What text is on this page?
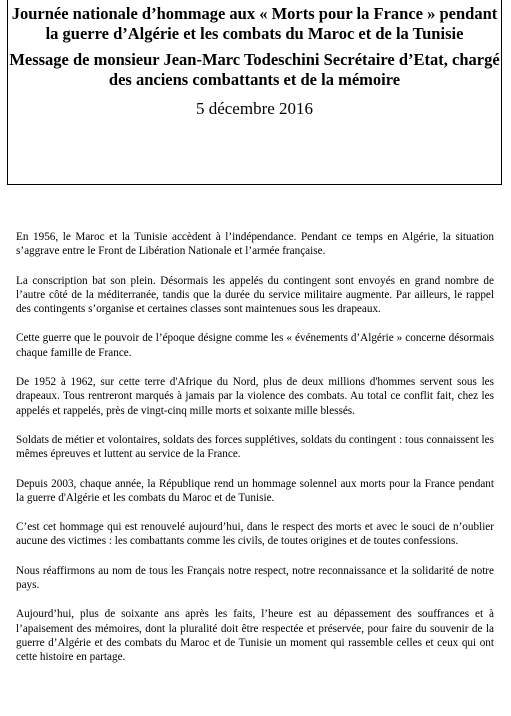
Journée nationale d’hommage aux « Morts pour la France » pendant la guerre d’Algérie et les combats du Maroc et de la Tunisie

Message de monsieur Jean-Marc Todeschini Secrétaire d’Etat, chargé des anciens combattants et de la mémoire

5 décembre 2016

En 1956, le Maroc et la Tunisie accèdent à l’indépendance. Pendant ce temps en Algérie, la situation s’aggrave entre le Front de Libération Nationale et l’armée française.

La conscription bat son plein. Désormais les appelés du contingent sont envoyés en grand nombre de l’autre côté de la méditerranée, tandis que la durée du service militaire augmente. Par ailleurs, le rappel des contingents s’organise et certaines classes sont maintenues sous les drapeaux.

Cette guerre que le pouvoir de l’époque désigne comme les « événements d’Algérie » concerne désormais chaque famille de France.

De 1952 à 1962, sur cette terre d'Afrique du Nord, plus de deux millions d'hommes servent sous les drapeaux. Tous rentreront marqués à jamais par la violence des combats. Au total ce conflit fait, chez les appelés et rappelés, près de vingt-cinq mille morts et soixante mille blessés.

Soldats de métier et volontaires, soldats des forces supplétives, soldats du contingent : tous connaissent les mêmes épreuves et luttent au service de la France.

Depuis 2003, chaque année, la République rend un hommage solennel aux morts pour la France pendant la guerre d'Algérie et les combats du Maroc et de Tunisie.

C’est cet hommage qui est renouvelé aujourd’hui, dans le respect des morts et avec le souci de n’oublier aucune des victimes : les combattants comme les civils, de toutes origines et de toutes confessions.

Nous réaffirmons au nom de tous les Français notre respect, notre reconnaissance et la solidarité de notre pays.

Aujourd’hui, plus de soixante ans après les faits, l’heure est au dépassement des souffrances et à l’apaisement des mémoires, dont la pluralité doit être respectée et préservée, pour faire du souvenir de la guerre d’Algérie et des combats du Maroc et de Tunisie un moment qui rassemble celles et ceux qui ont cette histoire en partage.
